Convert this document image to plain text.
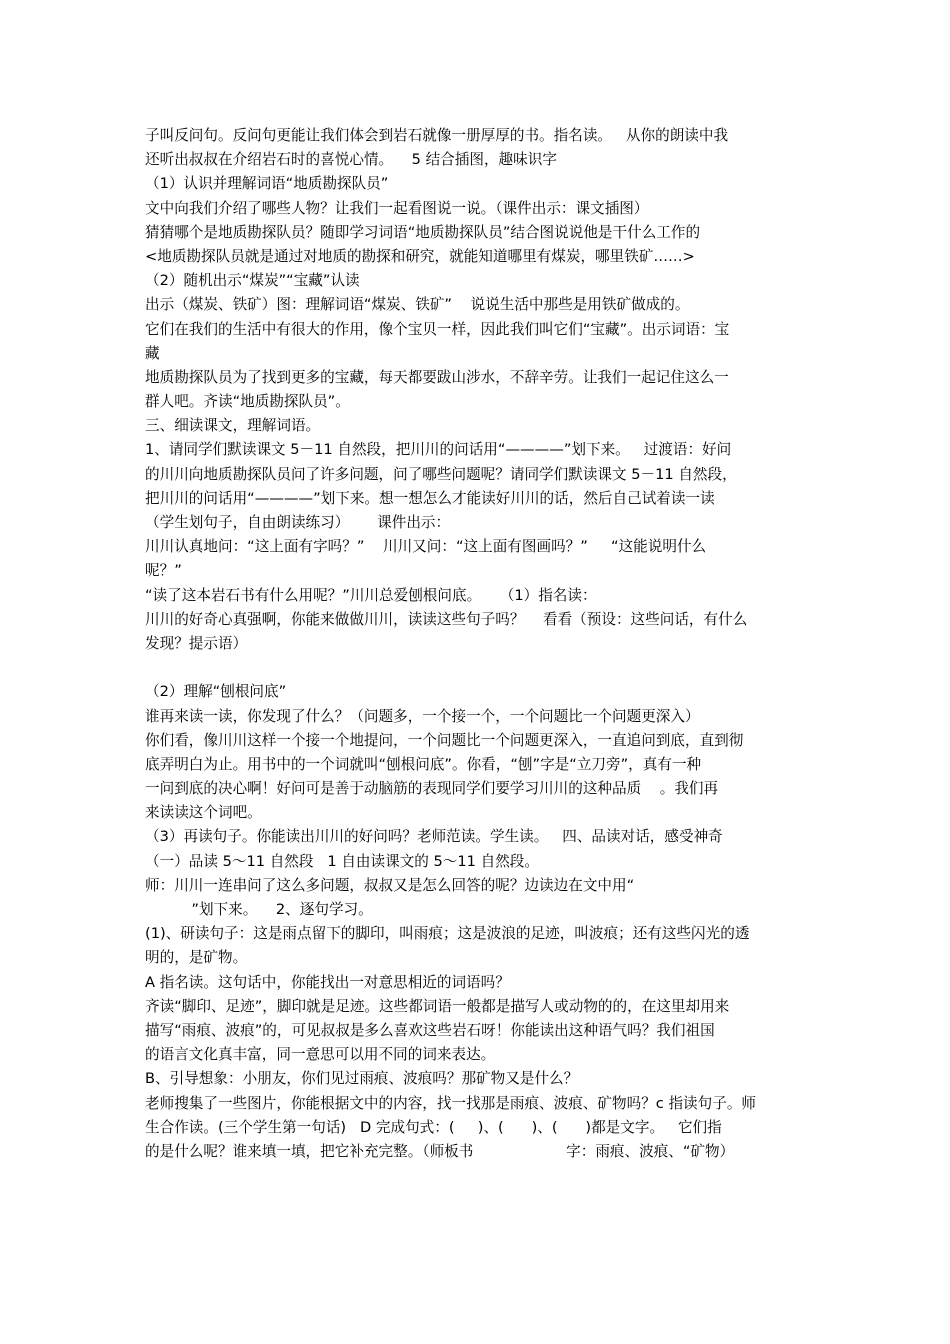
子叫反问句。反问句更能让我们体会到岩石就像一册厚厚的书。指名读。   从你的朗读中我
还听出叔叔在介绍岩石时的喜悦心情。    5 结合插图，趣味识字
（1）认识并理解词语“地质勘探队员”
文中向我们介绍了哪些人物？让我们一起看图说一说。（课件出示：课文插图）
猜猜哪个是地质勘探队员？随即学习词语“地质勘探队员”结合图说说他是干什么工作的
<地质勘探队员就是通过对地质的勘探和研究，就能知道哪里有煤炭，哪里铁矿……>
（2）随机出示“煤炭”“宝藏”认读
出示（煤炭、铁矿）图：理解词语“煤炭、铁矿”    说说生活中那些是用铁矿做成的。
它们在我们的生活中有很大的作用，像个宝贝一样，因此我们叫它们“宝藏”。出示词语：宝
藏
地质勘探队员为了找到更多的宝藏，每天都要跋山涉水，不辞辛劳。让我们一起记住这么一
群人吧。齐读“地质勘探队员”。
三、细读课文，理解词语。
1、请同学们默读课文 5－11 自然段，把川川的问话用“————”划下来。   过渡语：好问
的川川向地质勘探队员问了许多问题，问了哪些问题呢？请同学们默读课文 5－11 自然段，
把川川的问话用“————”划下来。想一想怎么才能读好川川的话，然后自己试着读一读
（学生划句子，自由朗读练习）      课件出示：
川川认真地问：“这上面有字吗？”    川川又问：“这上面有图画吗？”     “这能说明什么
呢？”
“读了这本岩石书有什么用呢？”川川总爱刨根问底。    （1）指名读：
川川的好奇心真强啊，你能来做做川川，读读这些句子吗？    看看（预设：这些问话，有什么
发现？提示语）
（2）理解“刨根问底”
谁再来读一读，你发现了什么？（问题多，一个接一个，一个问题比一个问题更深入）
你们看，像川川这样一个接一个地提问，一个问题比一个问题更深入，一直追问到底，直到彻
底弄明白为止。用书中的一个词就叫“刨根问底”。你看，“刨”字是“立刀旁”，真有一种
一问到底的决心啊！好问可是善于动脑筋的表现同学们要学习川川的这种品质    。我们再
来读读这个词吧。
（3）再读句子。你能读出川川的好问吗？老师范读。学生读。   四、品读对话，感受神奇
（一）品读 5～11 自然段   1 自由读课文的 5～11 自然段。
师：川川一连串问了这么多问题，叔叔又是怎么回答的呢？边读边在文中用“
”划下来。    2、逐句学习。
(1)、研读句子：这是雨点留下的脚印，叫雨痕；这是波浪的足迹，叫波痕；还有这些闪光的透
明的，是矿物。
A 指名读。这句话中，你能找出一对意思相近的词语吗？
齐读“脚印、足迹”，脚印就是足迹。这些都词语一般都是描写人或动物的的，在这里却用来
描写“雨痕、波痕”的，可见叔叔是多么喜欢这些岩石呀！你能读出这种语气吗？我们祖国
的语言文化真丰富，同一意思可以用不同的词来表达。
B、引导想象：小朋友，你们见过雨痕、波痕吗？那矿物又是什么？
老师搜集了一些图片，你能根据文中的内容，找一找那是雨痕、波痕、矿物吗？c 指读句子。师
生合作读。(三个学生第一句话)   D 完成句式：(     )、(      )、(      )都是文字。   它们指
的是什么呢？谁来填一填，把它补充完整。（师板书                    字：雨痕、波痕、“矿物）
